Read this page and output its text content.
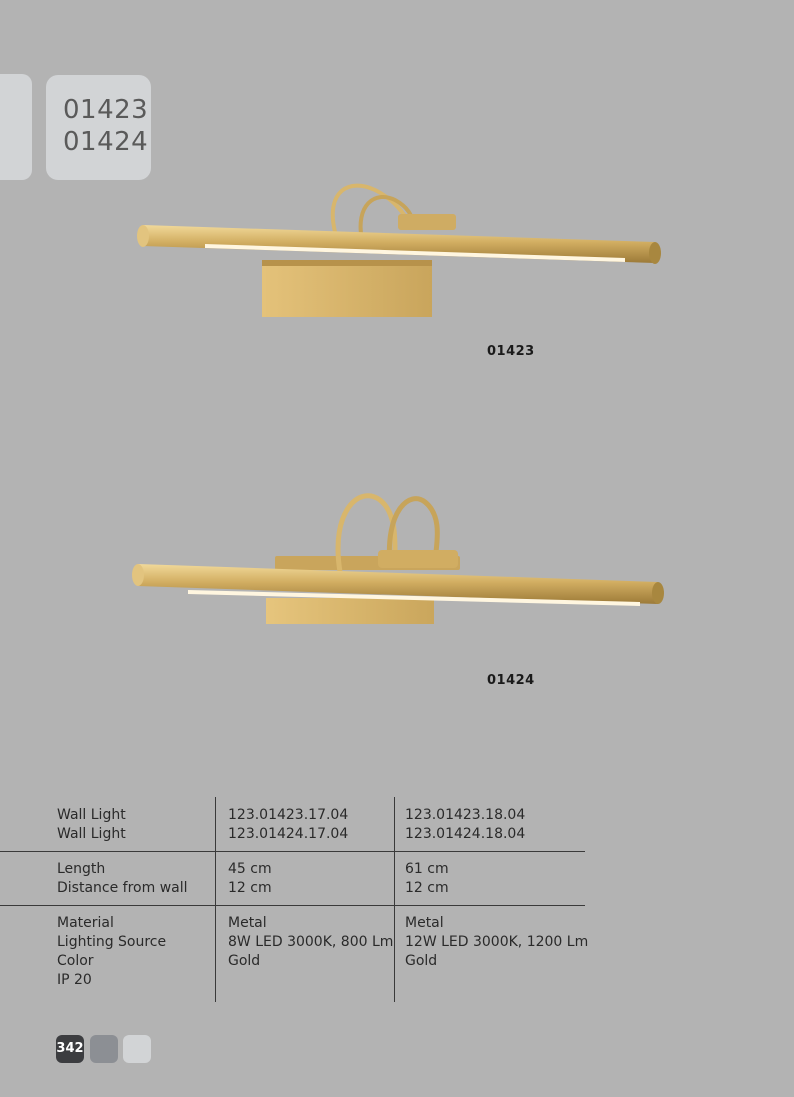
01423
01424
01423
01424
Wall Light
Wall Light
123.01423.17.04
123.01424.17.04
123.01423.18.04
123.01424.18.04
Length
Distance from wall
45 cm
12 cm
61 cm
12 cm
Material
Lighting Source
Color
IP 20
Metal
8W LED 3000K, 800 Lm
Gold
Metal
12W LED 3000K, 1200 Lm
Gold
342
